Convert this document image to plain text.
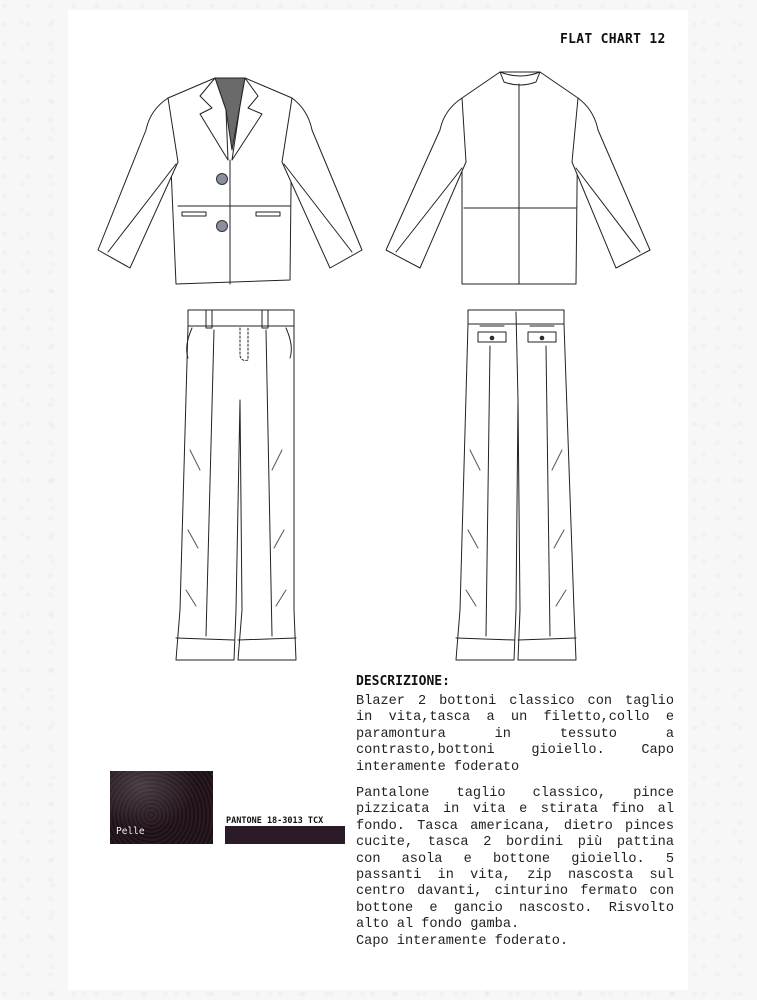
FLAT CHART 12
DESCRIZIONE:

Blazer 2 bottoni classico con taglio in vita,tasca a un filetto,collo e paramontura in tessuto a contrasto,bottoni gioiello. Capo interamente foderato

Pantalone taglio classico, pince pizzicata in vita e stirata fino al fondo. Tasca americana, dietro pinces cucite, tasca 2 bordini più pattina con asola e bottone gioiello. 5 passanti in vita, zip nascosta sul centro davanti, cinturino fermato con bottone e gancio nascosto. Risvolto alto al fondo gamba.

Capo interamente foderato.

Pelle
PANTONE 18-3013 TCX
